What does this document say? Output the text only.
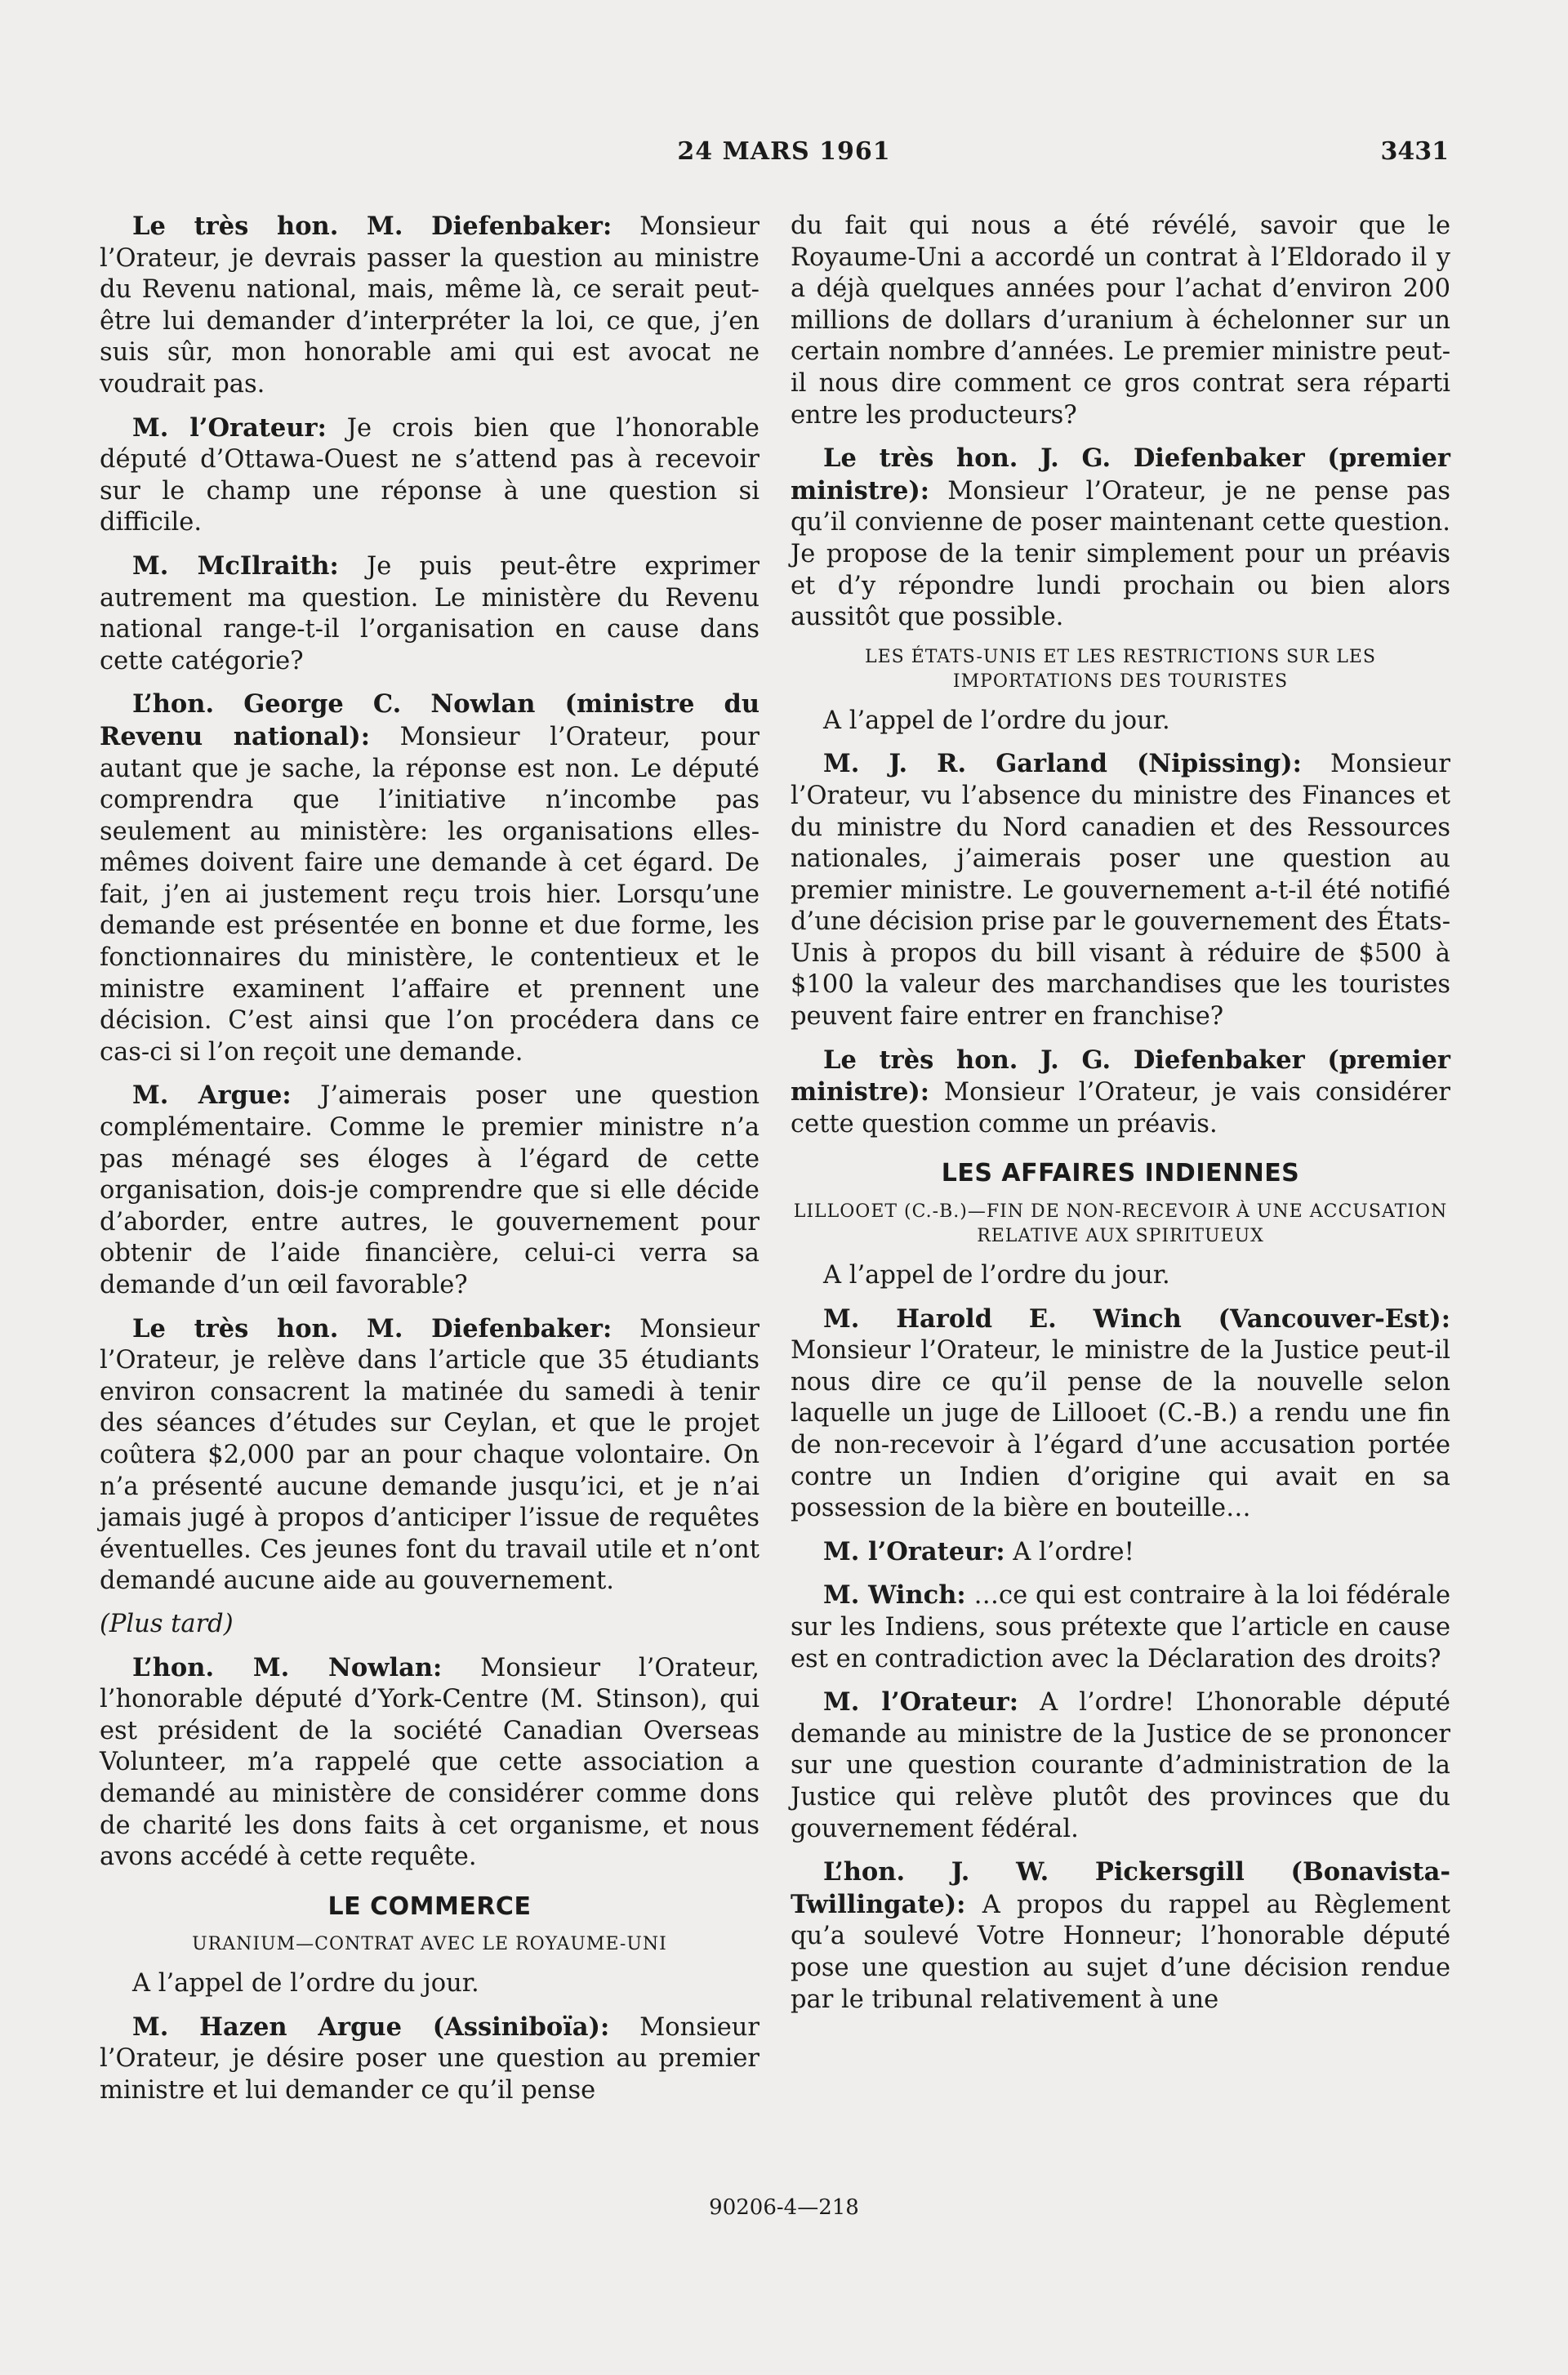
24 MARS 1961	3431

Le très hon. M. Diefenbaker: Monsieur l’Orateur, je devrais passer la question au ministre du Revenu national, mais, même là, ce serait peut-être lui demander d’interpréter la loi, ce que, j’en suis sûr, mon honorable ami qui est avocat ne voudrait pas.

M. l’Orateur: Je crois bien que l’honorable député d’Ottawa-Ouest ne s’attend pas à recevoir sur le champ une réponse à une question si difficile.

M. McIlraith: Je puis peut-être exprimer autrement ma question. Le ministère du Revenu national range-t-il l’organisation en cause dans cette catégorie?

L’hon. George C. Nowlan (ministre du Revenu national): Monsieur l’Orateur, pour autant que je sache, la réponse est non. Le député comprendra que l’initiative n’incombe pas seulement au ministère: les organisations elles-mêmes doivent faire une demande à cet égard. De fait, j’en ai justement reçu trois hier. Lorsqu’une demande est présentée en bonne et due forme, les fonctionnaires du ministère, le contentieux et le ministre examinent l’affaire et prennent une décision. C’est ainsi que l’on procédera dans ce cas-ci si l’on reçoit une demande.

M. Argue: J’aimerais poser une question complémentaire. Comme le premier ministre n’a pas ménagé ses éloges à l’égard de cette organisation, dois-je comprendre que si elle décide d’aborder, entre autres, le gouvernement pour obtenir de l’aide financière, celui-ci verra sa demande d’un œil favorable?

Le très hon. M. Diefenbaker: Monsieur l’Orateur, je relève dans l’article que 35 étudiants environ consacrent la matinée du samedi à tenir des séances d’études sur Ceylan, et que le projet coûtera $2,000 par an pour chaque volontaire. On n’a présenté aucune demande jusqu’ici, et je n’ai jamais jugé à propos d’anticiper l’issue de requêtes éventuelles. Ces jeunes font du travail utile et n’ont demandé aucune aide au gouvernement.

(Plus tard)

L’hon. M. Nowlan: Monsieur l’Orateur, l’honorable député d’York-Centre (M. Stinson), qui est président de la société Canadian Overseas Volunteer, m’a rappelé que cette association a demandé au ministère de considérer comme dons de charité les dons faits à cet organisme, et nous avons accédé à cette requête.

LE COMMERCE
URANIUM—CONTRAT AVEC LE ROYAUME-UNI

A l’appel de l’ordre du jour.

M. Hazen Argue (Assiniboïa): Monsieur l’Orateur, je désire poser une question au premier ministre et lui demander ce qu’il pense

du fait qui nous a été révélé, savoir que le Royaume-Uni a accordé un contrat à l’Eldorado il y a déjà quelques années pour l’achat d’environ 200 millions de dollars d’uranium à échelonner sur un certain nombre d’années. Le premier ministre peut-il nous dire comment ce gros contrat sera réparti entre les producteurs?

Le très hon. J. G. Diefenbaker (premier ministre): Monsieur l’Orateur, je ne pense pas qu’il convienne de poser maintenant cette question. Je propose de la tenir simplement pour un préavis et d’y répondre lundi prochain ou bien alors aussitôt que possible.

LES ÉTATS-UNIS ET LES RESTRICTIONS SUR LES IMPORTATIONS DES TOURISTES

A l’appel de l’ordre du jour.

M. J. R. Garland (Nipissing): Monsieur l’Orateur, vu l’absence du ministre des Finances et du ministre du Nord canadien et des Ressources nationales, j’aimerais poser une question au premier ministre. Le gouvernement a-t-il été notifié d’une décision prise par le gouvernement des États-Unis à propos du bill visant à réduire de $500 à $100 la valeur des marchandises que les touristes peuvent faire entrer en franchise?

Le très hon. J. G. Diefenbaker (premier ministre): Monsieur l’Orateur, je vais considérer cette question comme un préavis.

LES AFFAIRES INDIENNES
LILLOOET (C.-B.)—FIN DE NON-RECEVOIR À UNE ACCUSATION RELATIVE AUX SPIRITUEUX

A l’appel de l’ordre du jour.

M. Harold E. Winch (Vancouver-Est): Monsieur l’Orateur, le ministre de la Justice peut-il nous dire ce qu’il pense de la nouvelle selon laquelle un juge de Lillooet (C.-B.) a rendu une fin de non-recevoir à l’égard d’une accusation portée contre un Indien d’origine qui avait en sa possession de la bière en bouteille…

M. l’Orateur: A l’ordre!

M. Winch: …ce qui est contraire à la loi fédérale sur les Indiens, sous prétexte que l’article en cause est en contradiction avec la Déclaration des droits?

M. l’Orateur: A l’ordre! L’honorable député demande au ministre de la Justice de se prononcer sur une question courante d’administration de la Justice qui relève plutôt des provinces que du gouvernement fédéral.

L’hon. J. W. Pickersgill (Bonavista-Twillingate): A propos du rappel au Règlement qu’a soulevé Votre Honneur; l’honorable député pose une question au sujet d’une décision rendue par le tribunal relativement à une

90206-4—218
